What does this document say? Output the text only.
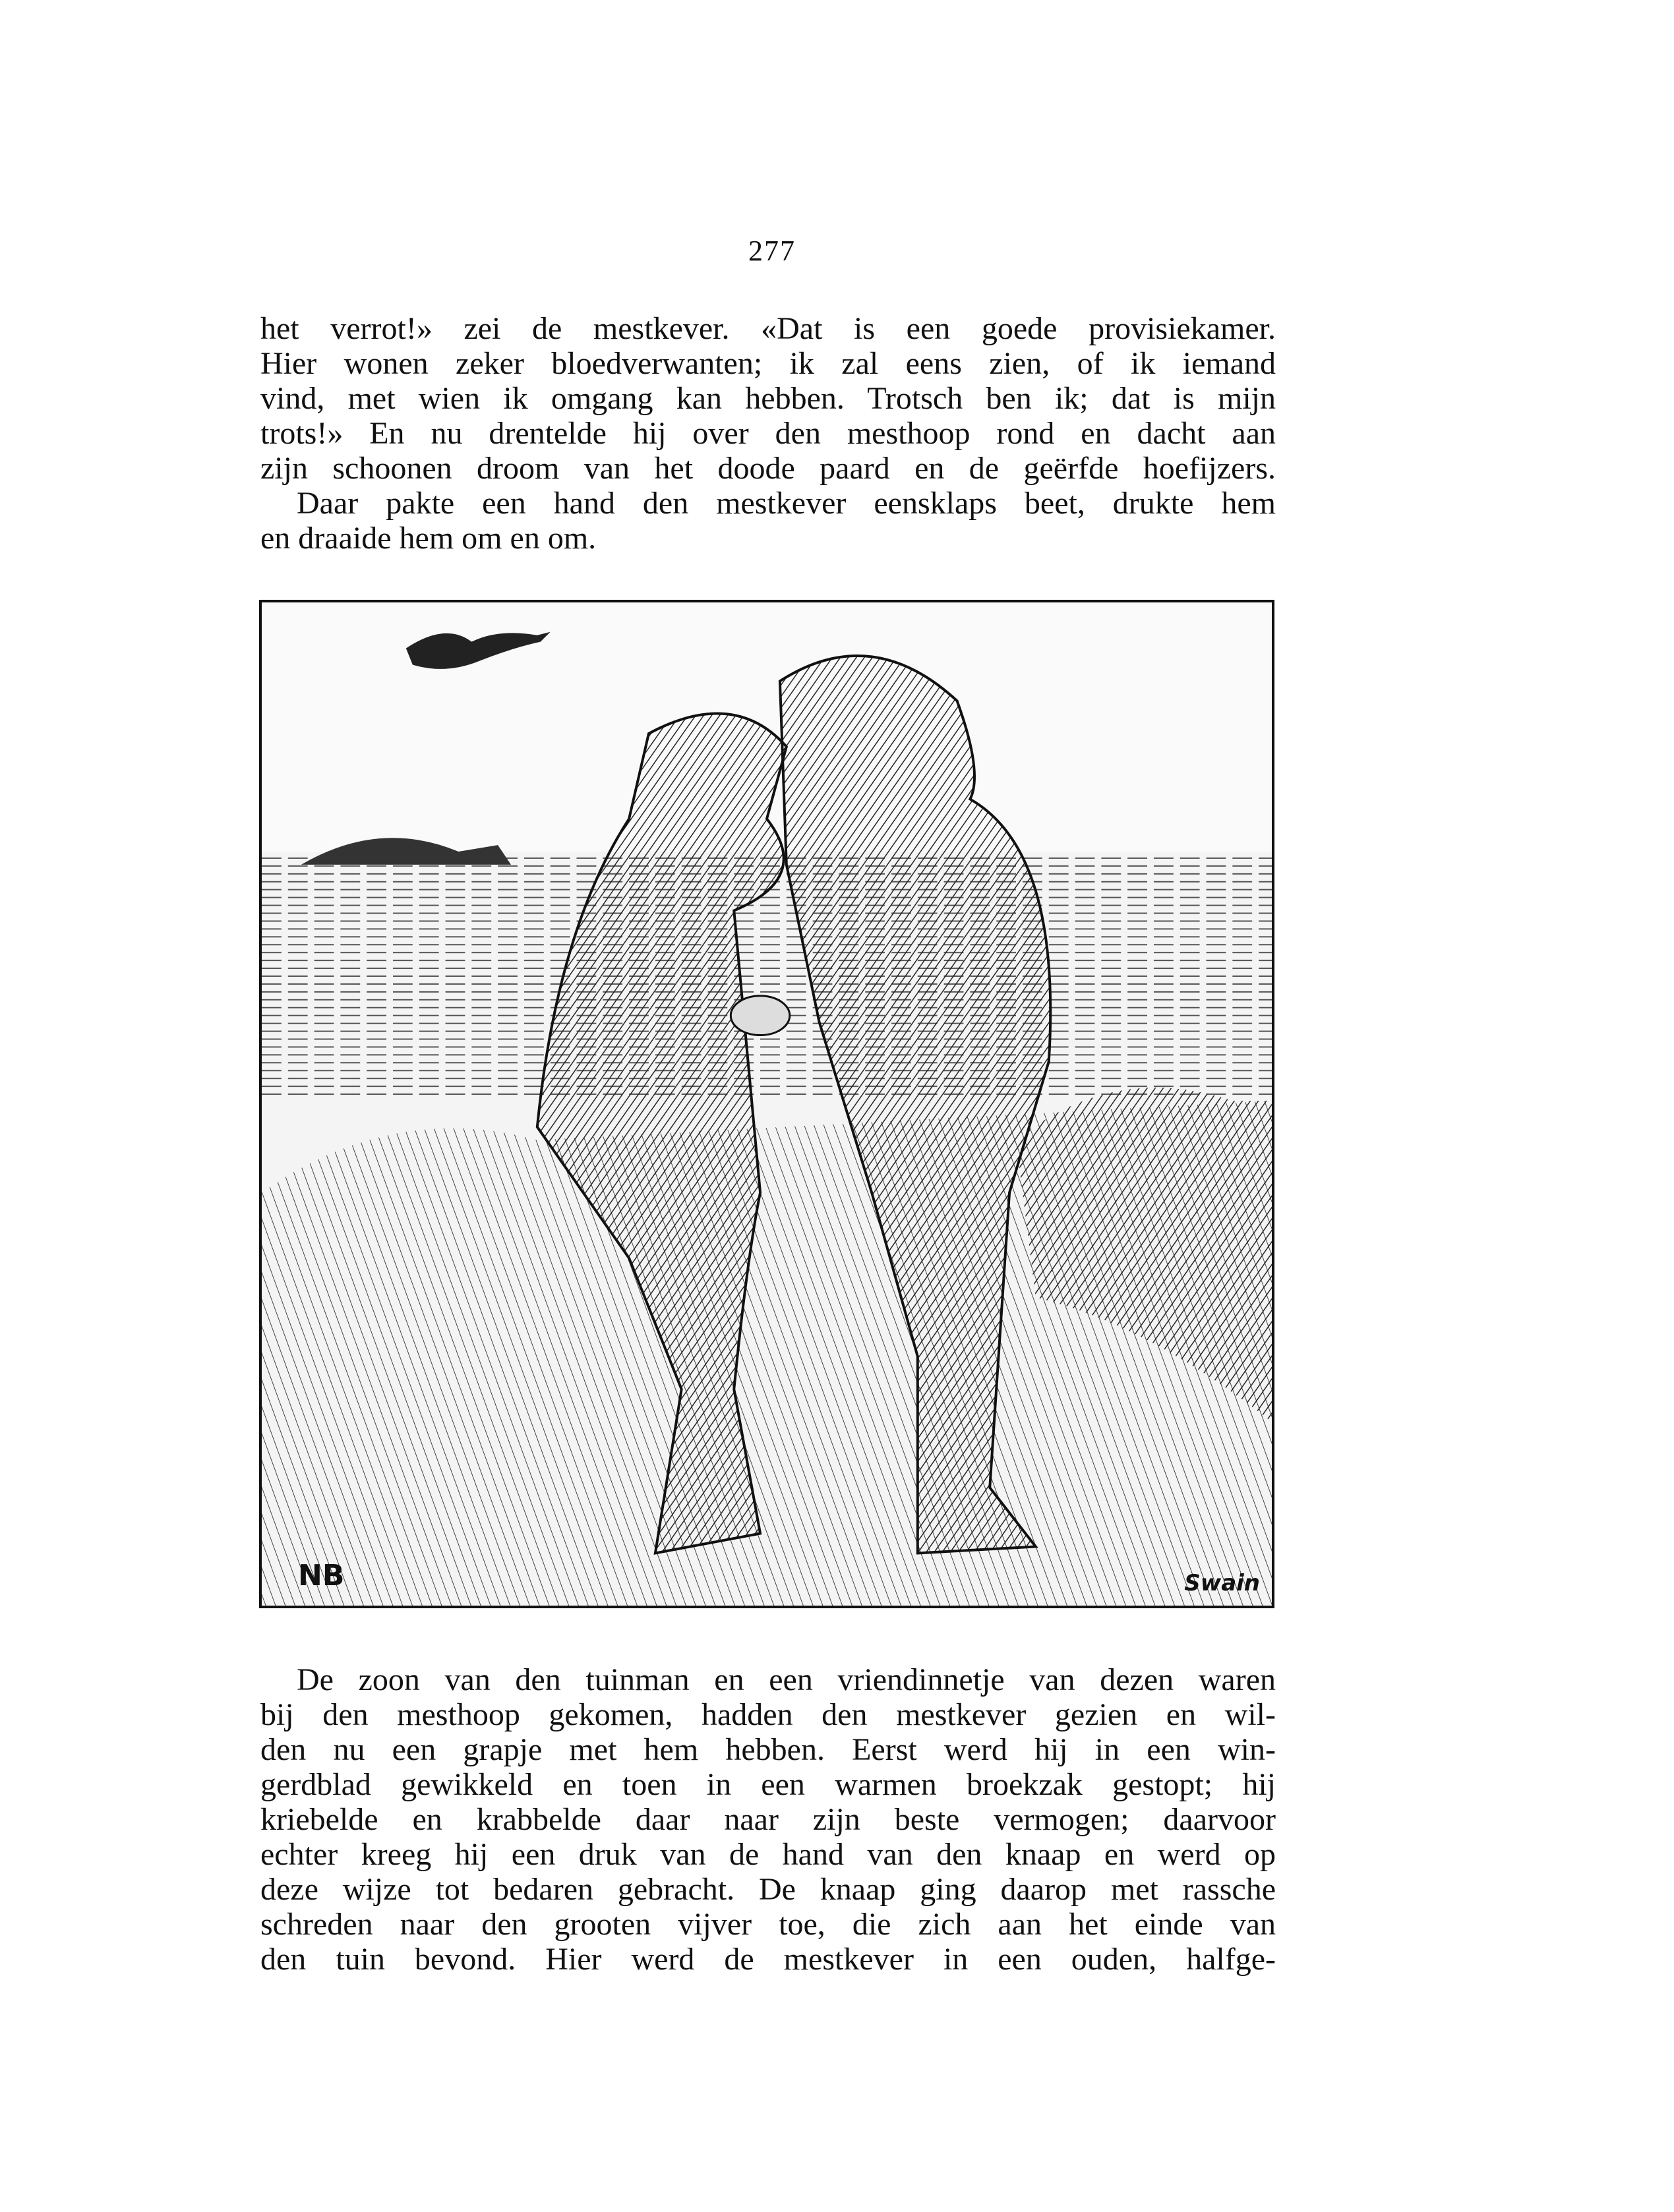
277
het verrot!» zei de mestkever. «Dat is een goede provisiekamer.
Hier wonen zeker bloedverwanten; ik zal eens zien, of ik iemand
vind, met wien ik omgang kan hebben. Trotsch ben ik; dat is mijn
trots!» En nu drentelde hij over den mesthoop rond en dacht aan
zijn schoonen droom van het doode paard en de geërfde hoefijzers.
Daar pakte een hand den mestkever eensklaps beet, drukte hem
en draaide hem om en om.
NB	Swain
De zoon van den tuinman en een vriendinnetje van dezen waren
bij den mesthoop gekomen, hadden den mestkever gezien en wil-
den nu een grapje met hem hebben. Eerst werd hij in een win-
gerdblad gewikkeld en toen in een warmen broekzak gestopt; hij
kriebelde en krabbelde daar naar zijn beste vermogen; daarvoor
echter kreeg hij een druk van de hand van den knaap en werd op
deze wijze tot bedaren gebracht. De knaap ging daarop met rassche
schreden naar den grooten vijver toe, die zich aan het einde van
den tuin bevond. Hier werd de mestkever in een ouden, halfge-
